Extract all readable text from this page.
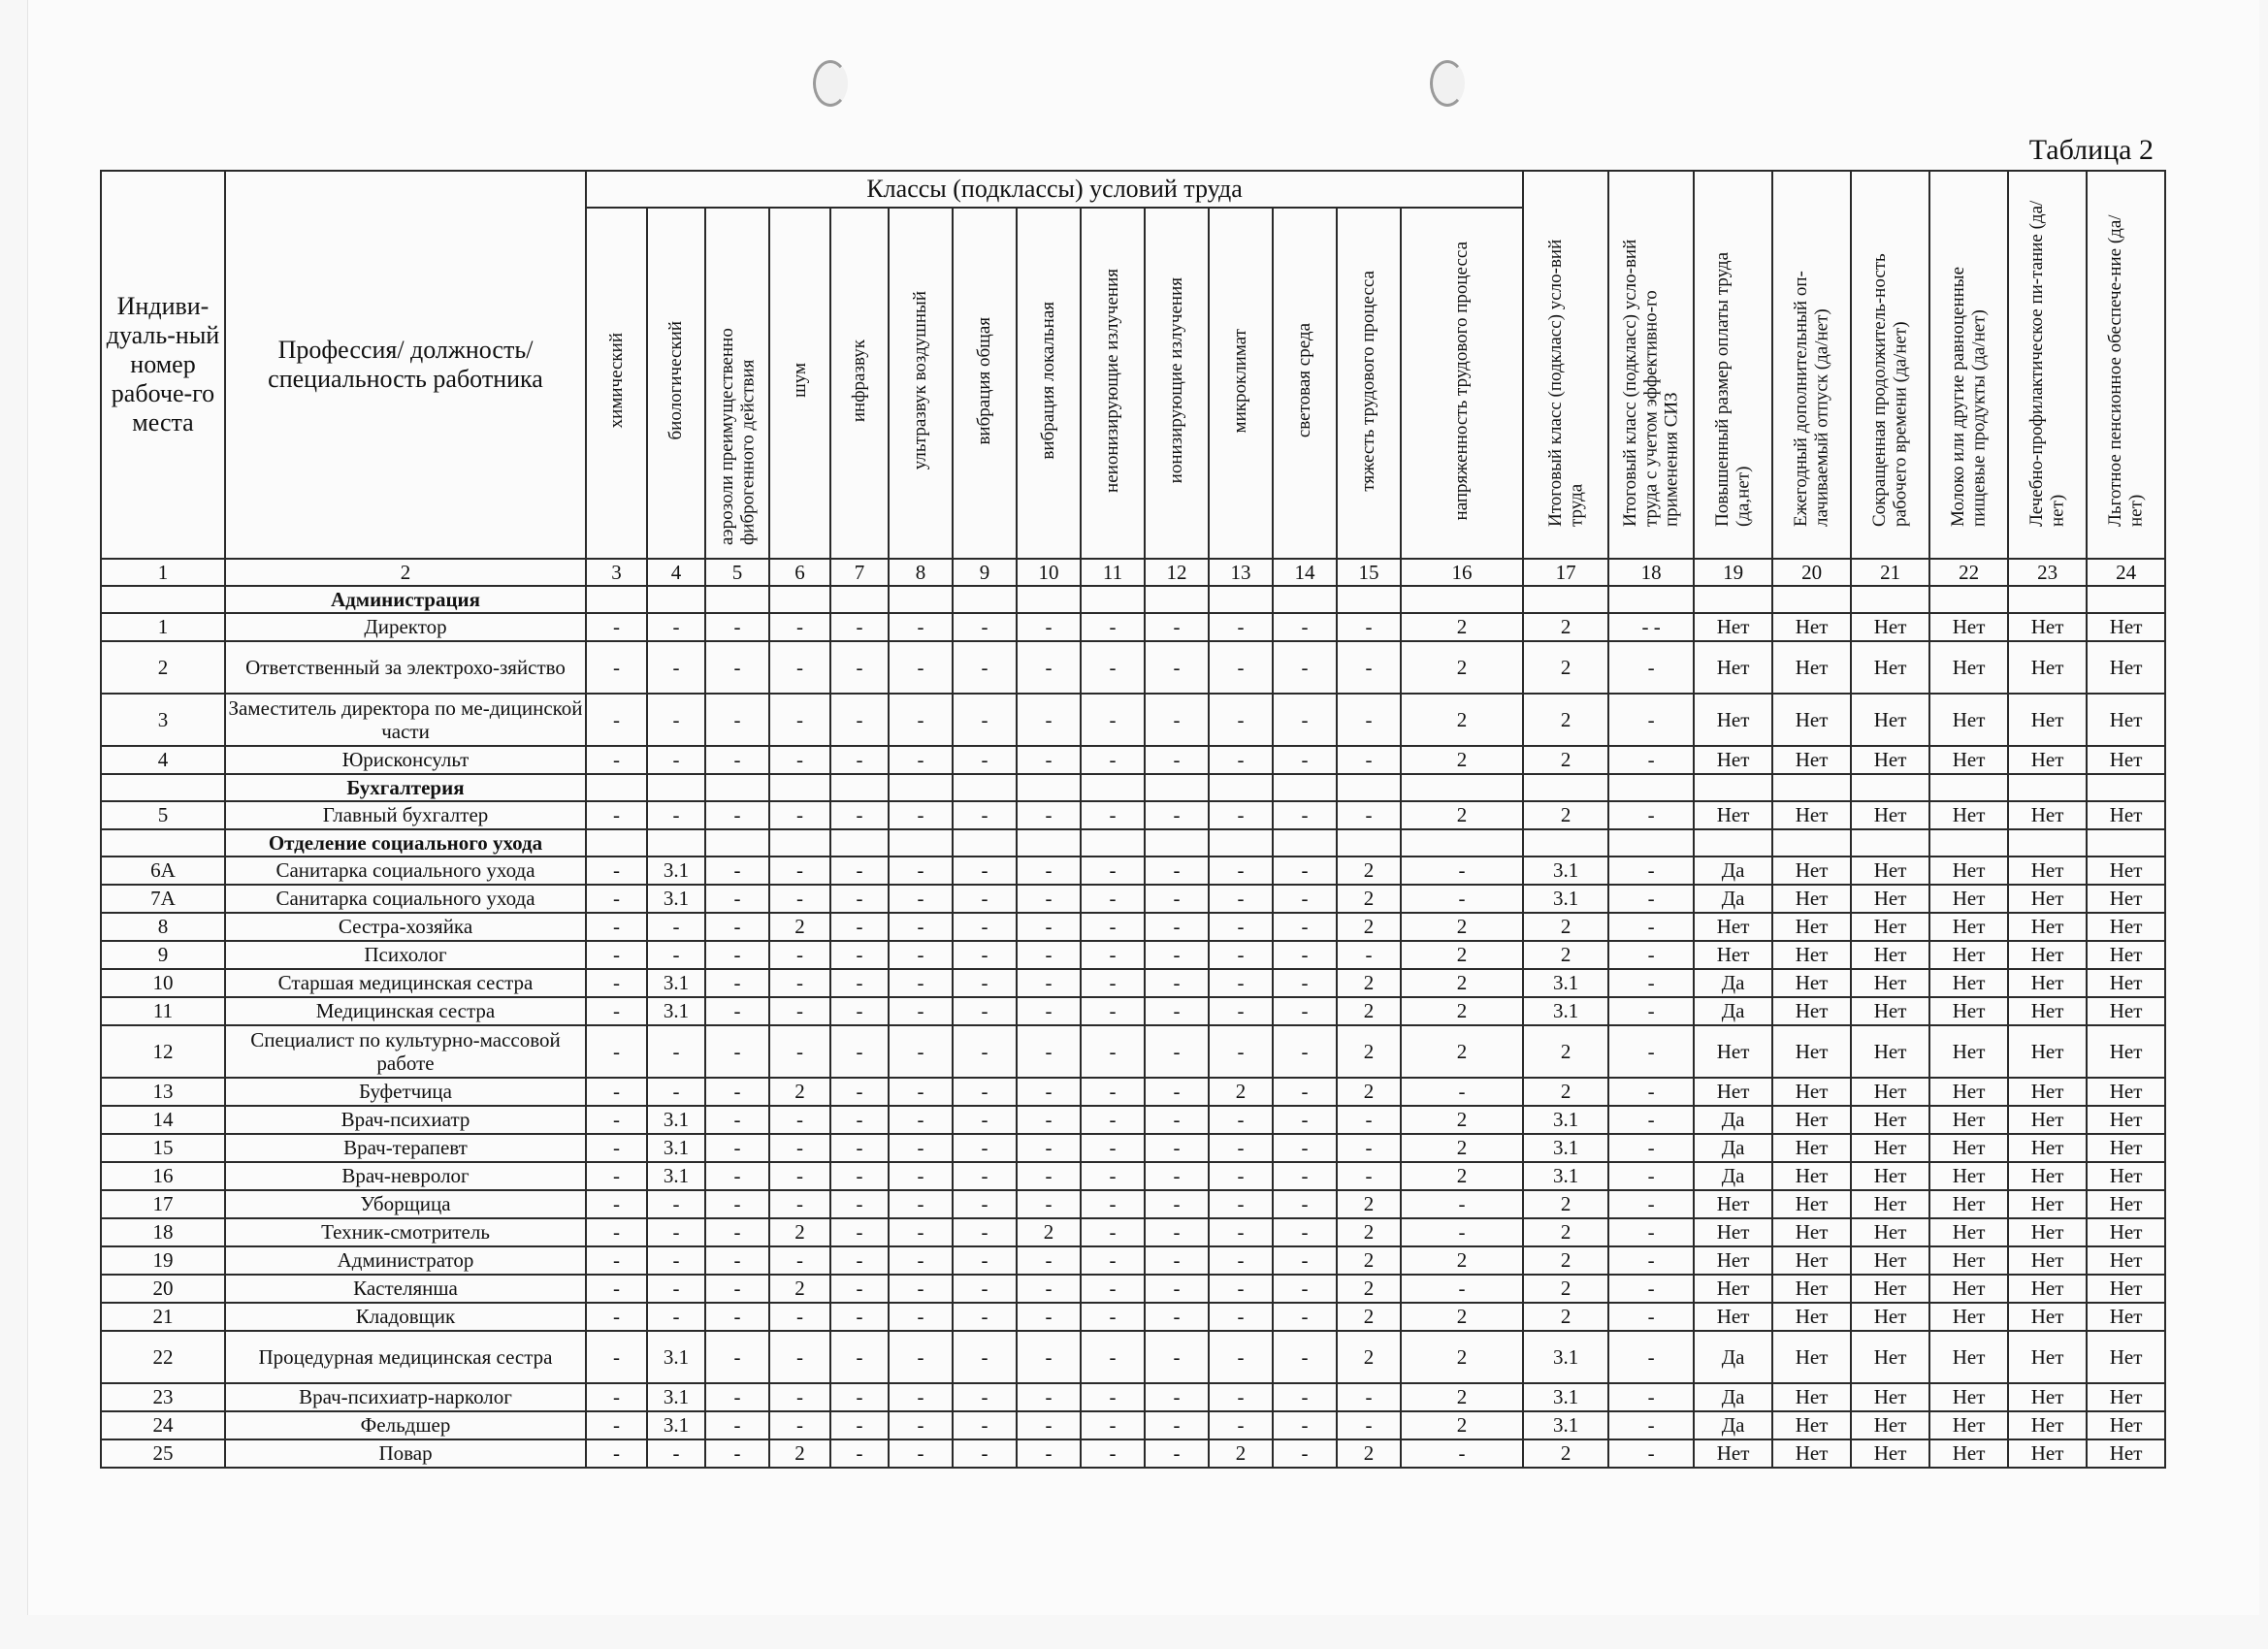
Таблица 2
Индиви-дуаль-ный номер рабоче-го места	Профессия/ должность/ специальность работника	Классы (подклассы) условий труда														Итоговый класс (подкласс) усло-вий труда	Итоговый класс (подкласс) усло-вий труда с учетом эффективно-го применения СИЗ	Повышенный размер оплаты труда (да,нет)	Ежегодный дополнительный оп-лачиваемый отпуск (да/нет)	Сокращенная продолжитель-ность рабочего времени (да/нет)	Молоко или другие равноценные пищевые продукты (да/нет)	Лечебно-профилактическое пи-тание (да/нет)	Льготное пенсионное обеспече-ние (да/нет)
		химический	биологический	аэрозоли преимущественно фиброгенного действия	шум	инфразвук	ультразвук воздушный	вибрация общая	вибрация локальная	неионизирующие излучения	ионизирующие излучения	микроклимат	световая среда	тяжесть трудового процесса	напряженность трудового процесса								
1	2	3	4	5	6	7	8	9	10	11	12	13	14	15	16	17	18	19	20	21	22	23	24
	Администрация																						
1	Директор	-	-	-	-	-	-	-	-	-	-	-	-	-	2	2	- -	Нет	Нет	Нет	Нет	Нет	Нет
2	Ответственный за электрохо-зяйство	-	-	-	-	-	-	-	-	-	-	-	-	-	2	2	-	Нет	Нет	Нет	Нет	Нет	Нет
3	Заместитель директора по ме-дицинской части	-	-	-	-	-	-	-	-	-	-	-	-	-	2	2	-	Нет	Нет	Нет	Нет	Нет	Нет
4	Юрисконсульт	-	-	-	-	-	-	-	-	-	-	-	-	-	2	2	-	Нет	Нет	Нет	Нет	Нет	Нет
	Бухгалтерия																						
5	Главный бухгалтер	-	-	-	-	-	-	-	-	-	-	-	-	-	2	2	-	Нет	Нет	Нет	Нет	Нет	Нет
	Отделение социального ухода																						
6А	Санитарка социального ухода	-	3.1	-	-	-	-	-	-	-	-	-	-	2	-	3.1	-	Да	Нет	Нет	Нет	Нет	Нет
7А	Санитарка социального ухода	-	3.1	-	-	-	-	-	-	-	-	-	-	2	-	3.1	-	Да	Нет	Нет	Нет	Нет	Нет
8	Сестра-хозяйка	-	-	-	2	-	-	-	-	-	-	-	-	2	2	2	-	Нет	Нет	Нет	Нет	Нет	Нет
9	Психолог	-	-	-	-	-	-	-	-	-	-	-	-	-	2	2	-	Нет	Нет	Нет	Нет	Нет	Нет
10	Старшая медицинская сестра	-	3.1	-	-	-	-	-	-	-	-	-	-	2	2	3.1	-	Да	Нет	Нет	Нет	Нет	Нет
11	Медицинская сестра	-	3.1	-	-	-	-	-	-	-	-	-	-	2	2	3.1	-	Да	Нет	Нет	Нет	Нет	Нет
12	Специалист по культурно-массовой работе	-	-	-	-	-	-	-	-	-	-	-	-	2	2	2	-	Нет	Нет	Нет	Нет	Нет	Нет
13	Буфетчица	-	-	-	2	-	-	-	-	-	-	2	-	2	-	2	-	Нет	Нет	Нет	Нет	Нет	Нет
14	Врач-психиатр	-	3.1	-	-	-	-	-	-	-	-	-	-	-	2	3.1	-	Да	Нет	Нет	Нет	Нет	Нет
15	Врач-терапевт	-	3.1	-	-	-	-	-	-	-	-	-	-	-	2	3.1	-	Да	Нет	Нет	Нет	Нет	Нет
16	Врач-невролог	-	3.1	-	-	-	-	-	-	-	-	-	-	-	2	3.1	-	Да	Нет	Нет	Нет	Нет	Нет
17	Уборщица	-	-	-	-	-	-	-	-	-	-	-	-	2	-	2	-	Нет	Нет	Нет	Нет	Нет	Нет
18	Техник-смотритель	-	-	-	2	-	-	-	2	-	-	-	-	2	-	2	-	Нет	Нет	Нет	Нет	Нет	Нет
19	Администратор	-	-	-	-	-	-	-	-	-	-	-	-	2	2	2	-	Нет	Нет	Нет	Нет	Нет	Нет
20	Кастелянша	-	-	-	2	-	-	-	-	-	-	-	-	2	-	2	-	Нет	Нет	Нет	Нет	Нет	Нет
21	Кладовщик	-	-	-	-	-	-	-	-	-	-	-	-	2	2	2	-	Нет	Нет	Нет	Нет	Нет	Нет
22	Процедурная медицинская сестра	-	3.1	-	-	-	-	-	-	-	-	-	-	2	2	3.1	-	Да	Нет	Нет	Нет	Нет	Нет
23	Врач-психиатр-нарколог	-	3.1	-	-	-	-	-	-	-	-	-	-	-	2	3.1	-	Да	Нет	Нет	Нет	Нет	Нет
24	Фельдшер	-	3.1	-	-	-	-	-	-	-	-	-	-	-	2	3.1	-	Да	Нет	Нет	Нет	Нет	Нет
25	Повар	-	-	-	2	-	-	-	-	-	-	2	-	2	-	2	-	Нет	Нет	Нет	Нет	Нет	Нет
